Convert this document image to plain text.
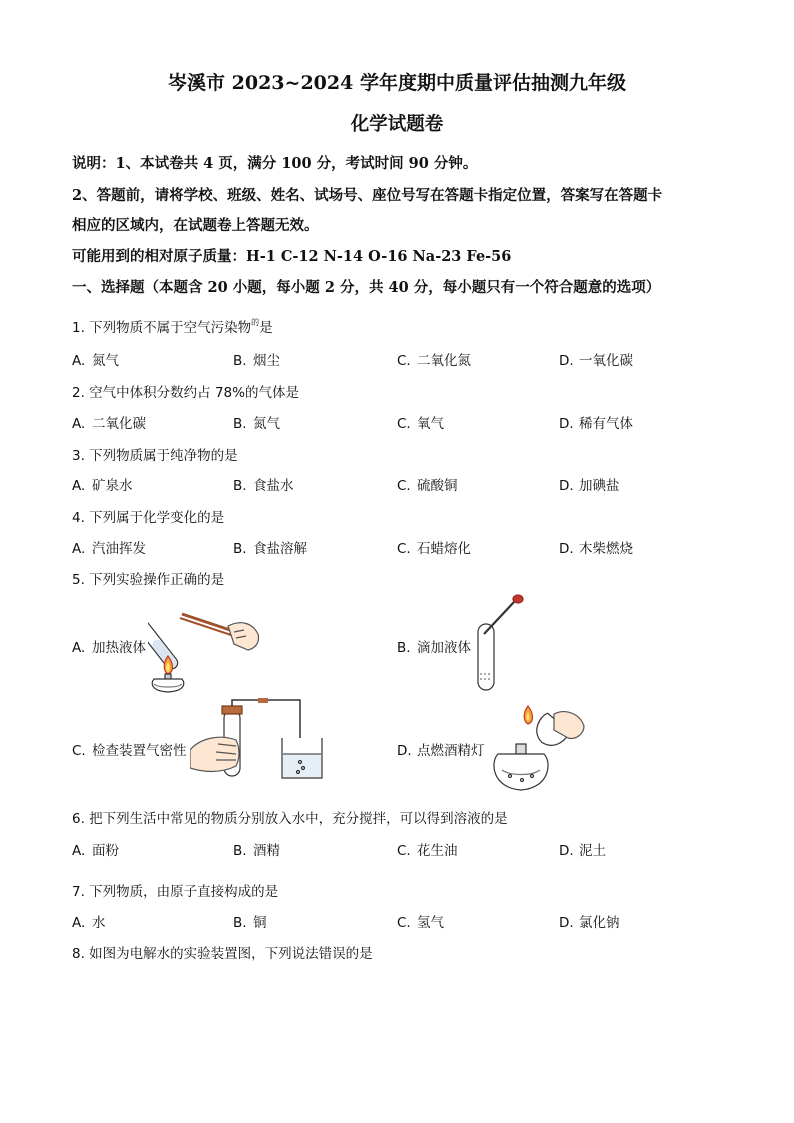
岑溪市 2023~2024 学年度期中质量评估抽测九年级
化学试题卷
说明：1、本试卷共 4 页，满分 100 分，考试时间 90 分钟。
2、答题前，请将学校、班级、姓名、试场号、座位号写在答题卡指定位置，答案写在答题卡
相应的区域内，在试题卷上答题无效。
可能用到的相对原子质量：H-1 C-12 N-14 O-16 Na-23 Fe-56
一、选择题（本题含 20 小题，每小题 2 分，共 40 分，每小题只有一个符合题意的选项）
1. 下列物质不属于空气污染物$^的$是
A. 氮气	B. 烟尘	C. 二氧化氮	D. 一氧化碳
2. 空气中体积分数约占 78%的气体是
A. 二氧化碳	B. 氮气	C. 氧气	D. 稀有气体
3. 下列物质属于纯净物的是
A. 矿泉水	B. 食盐水	C. 硫酸铜	D. 加碘盐
4. 下列属于化学变化的是
A. 汽油挥发	B. 食盐溶解	C. 石蜡熔化	D. 木柴燃烧
5. 下列实验操作正确的是
A. 加热液体	B. 滴加液体
C. 检查装置气密性	D. 点燃酒精灯
6. 把下列生活中常见的物质分别放入水中，充分搅拌，可以得到溶液的是
A. 面粉	B. 酒精	C. 花生油	D. 泥土
7. 下列物质，由原子直接构成的是
A. 水	B. 铜	C. 氢气	D. 氯化钠
8. 如图为电解水的实验装置图，下列说法错误的是
